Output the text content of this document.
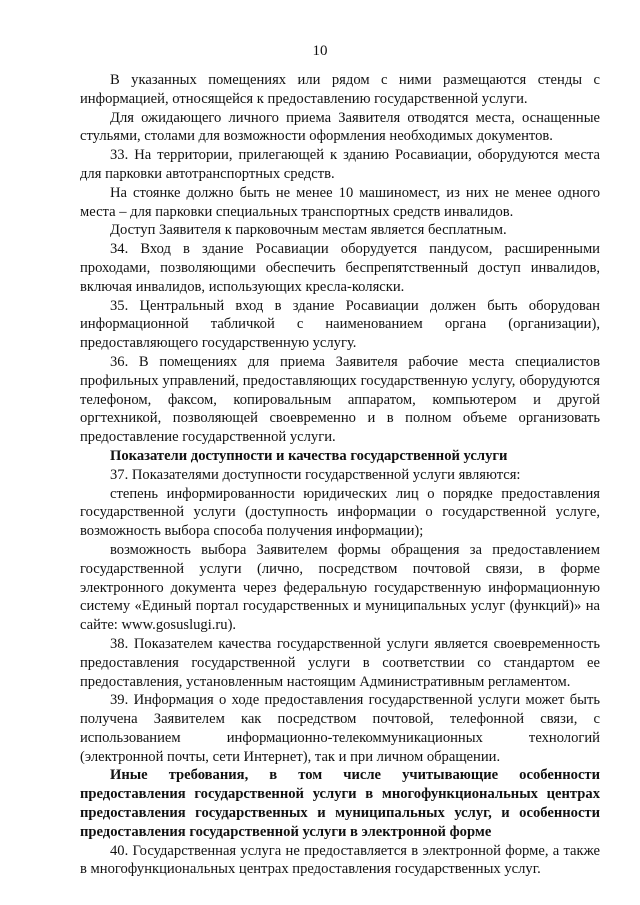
10

В указанных помещениях или рядом с ними размещаются стенды с информацией, относящейся к предоставлению государственной услуги.

Для ожидающего личного приема Заявителя отводятся места, оснащенные стульями, столами для возможности оформления необходимых документов.

33. На территории, прилегающей к зданию Росавиации, оборудуются места для парковки автотранспортных средств.

На стоянке должно быть не менее 10 машиномест, из них не менее одного места – для парковки специальных транспортных средств инвалидов.

Доступ Заявителя к парковочным местам является бесплатным.

34. Вход в здание Росавиации оборудуется пандусом, расширенными проходами, позволяющими обеспечить беспрепятственный доступ инвалидов, включая инвалидов, использующих кресла-коляски.

35. Центральный вход в здание Росавиации должен быть оборудован информационной табличкой с наименованием органа (организации), предоставляющего государственную услугу.

36. В помещениях для приема Заявителя рабочие места специалистов профильных управлений, предоставляющих государственную услугу, оборудуются телефоном, факсом, копировальным аппаратом, компьютером и другой оргтехникой, позволяющей своевременно и в полном объеме организовать предоставление государственной услуги.

Показатели доступности и качества государственной услуги

37. Показателями доступности государственной услуги являются:

степень информированности юридических лиц о порядке предоставления государственной услуги (доступность информации о государственной услуге, возможность выбора способа получения информации);

возможность выбора Заявителем формы обращения за предоставлением государственной услуги (лично, посредством почтовой связи, в форме электронного документа через федеральную государственную информационную систему «Единый портал государственных и муниципальных услуг (функций)» на сайте: www.gosuslugi.ru).

38. Показателем качества государственной услуги является своевременность предоставления государственной услуги в соответствии со стандартом ее предоставления, установленным настоящим Административным регламентом.

39. Информация о ходе предоставления государственной услуги может быть получена Заявителем как посредством почтовой, телефонной связи, с использованием информационно-телекоммуникационных технологий (электронной почты, сети Интернет), так и при личном обращении.

Иные требования, в том числе учитывающие особенности предоставления государственной услуги в многофункциональных центрах предоставления государственных и муниципальных услуг, и особенности предоставления государственной услуги в электронной форме

40. Государственная услуга не предоставляется в электронной форме, а также в многофункциональных центрах предоставления государственных услуг.
